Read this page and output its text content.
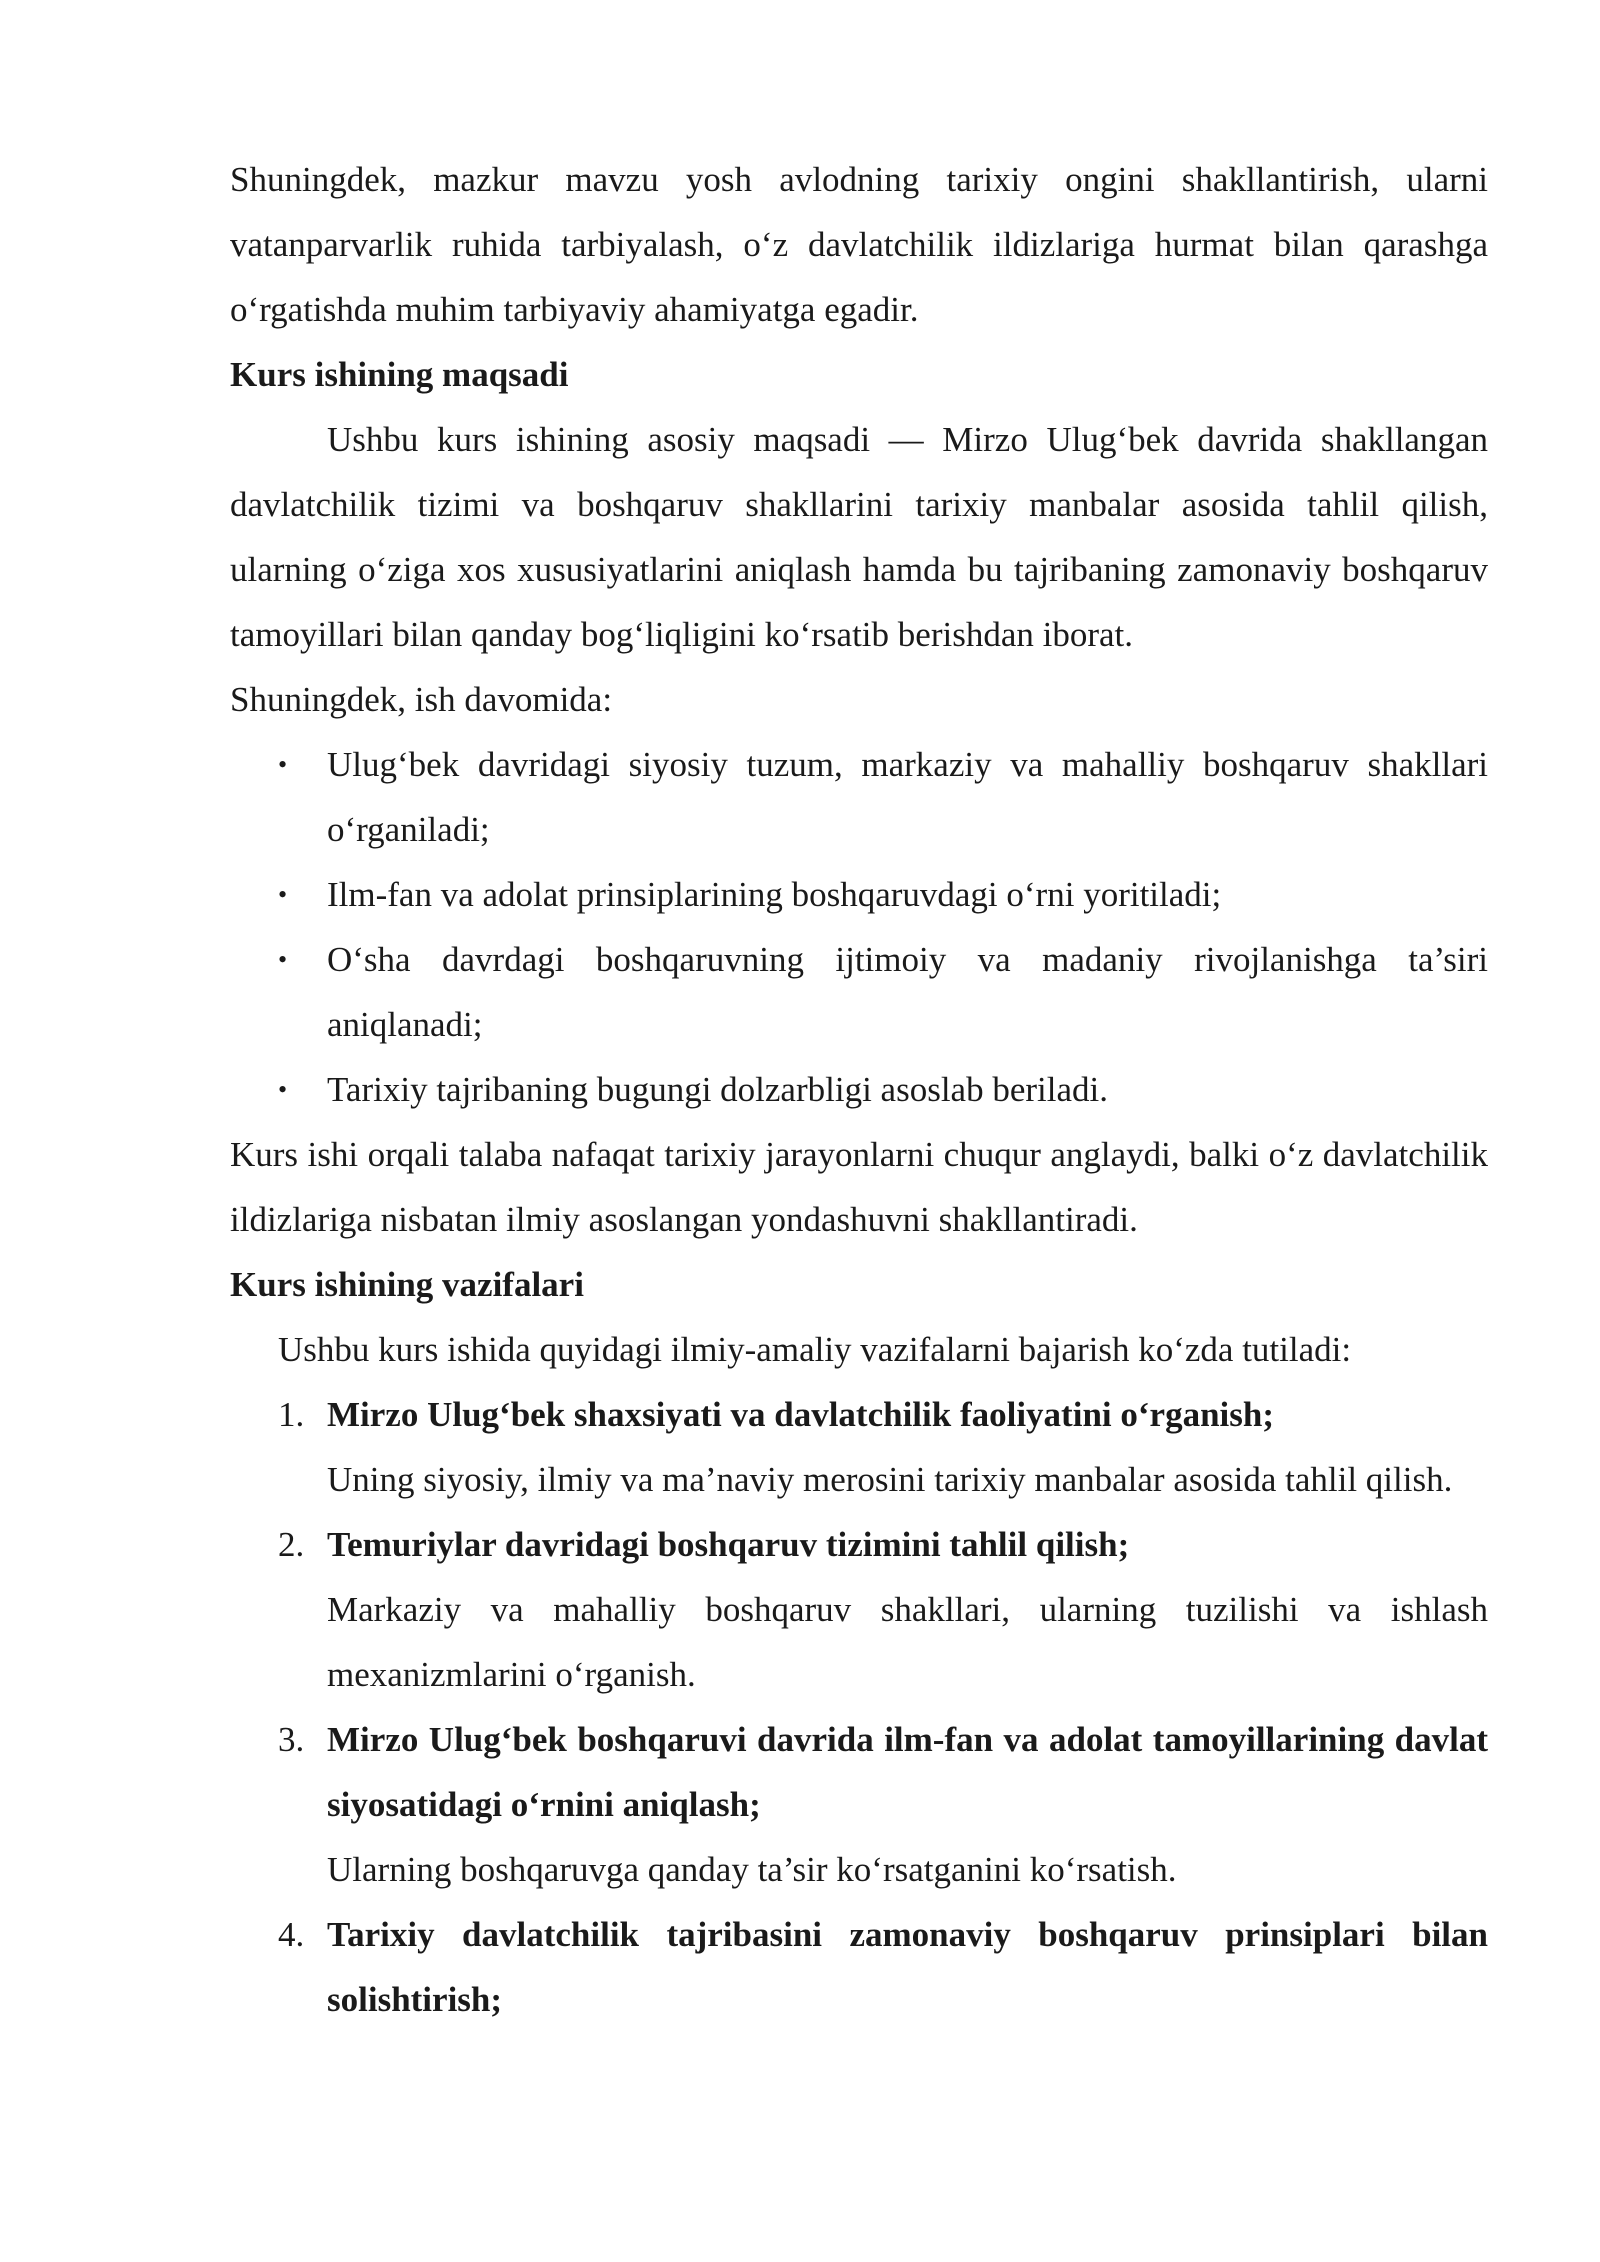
Shuningdek, mazkur mavzu yosh avlodning tarixiy ongini shakllantirish, ularni vatanparvarlik ruhida tarbiyalash, o‘z davlatchilik ildizlariga hurmat bilan qarashga o‘rgatishda muhim tarbiyaviy ahamiyatga egadir.

Kurs ishining maqsadi

Ushbu kurs ishining asosiy maqsadi — Mirzo Ulug‘bek davrida shakllangan davlatchilik tizimi va boshqaruv shakllarini tarixiy manbalar asosida tahlil qilish, ularning o‘ziga xos xususiyatlarini aniqlash hamda bu tajribaning zamonaviy boshqaruv tamoyillari bilan qanday bog‘liqligini ko‘rsatib berishdan iborat.

Shuningdek, ish davomida:

•	Ulug‘bek davridagi siyosiy tuzum, markaziy va mahalliy boshqaruv shakllari o‘rganiladi;
•	Ilm-fan va adolat prinsiplarining boshqaruvdagi o‘rni yoritiladi;
•	O‘sha davrdagi boshqaruvning ijtimoiy va madaniy rivojlanishga ta’siri aniqlanadi;
•	Tarixiy tajribaning bugungi dolzarbligi asoslab beriladi.

Kurs ishi orqali talaba nafaqat tarixiy jarayonlarni chuqur anglaydi, balki o‘z davlatchilik ildizlariga nisbatan ilmiy asoslangan yondashuvni shakllantiradi.

Kurs ishining vazifalari

Ushbu kurs ishida quyidagi ilmiy-amaliy vazifalarni bajarish ko‘zda tutiladi:

1. Mirzo Ulug‘bek shaxsiyati va davlatchilik faoliyatini o‘rganish;
Uning siyosiy, ilmiy va ma’naviy merosini tarixiy manbalar asosida tahlil qilish.
2. Temuriylar davridagi boshqaruv tizimini tahlil qilish;
Markaziy va mahalliy boshqaruv shakllari, ularning tuzilishi va ishlash mexanizmlarini o‘rganish.
3. Mirzo Ulug‘bek boshqaruvi davrida ilm-fan va adolat tamoyillarining davlat siyosatidagi o‘rnini aniqlash;
Ularning boshqaruvga qanday ta’sir ko‘rsatganini ko‘rsatish.
4. Tarixiy davlatchilik tajribasini zamonaviy boshqaruv prinsiplari bilan solishtirish;
